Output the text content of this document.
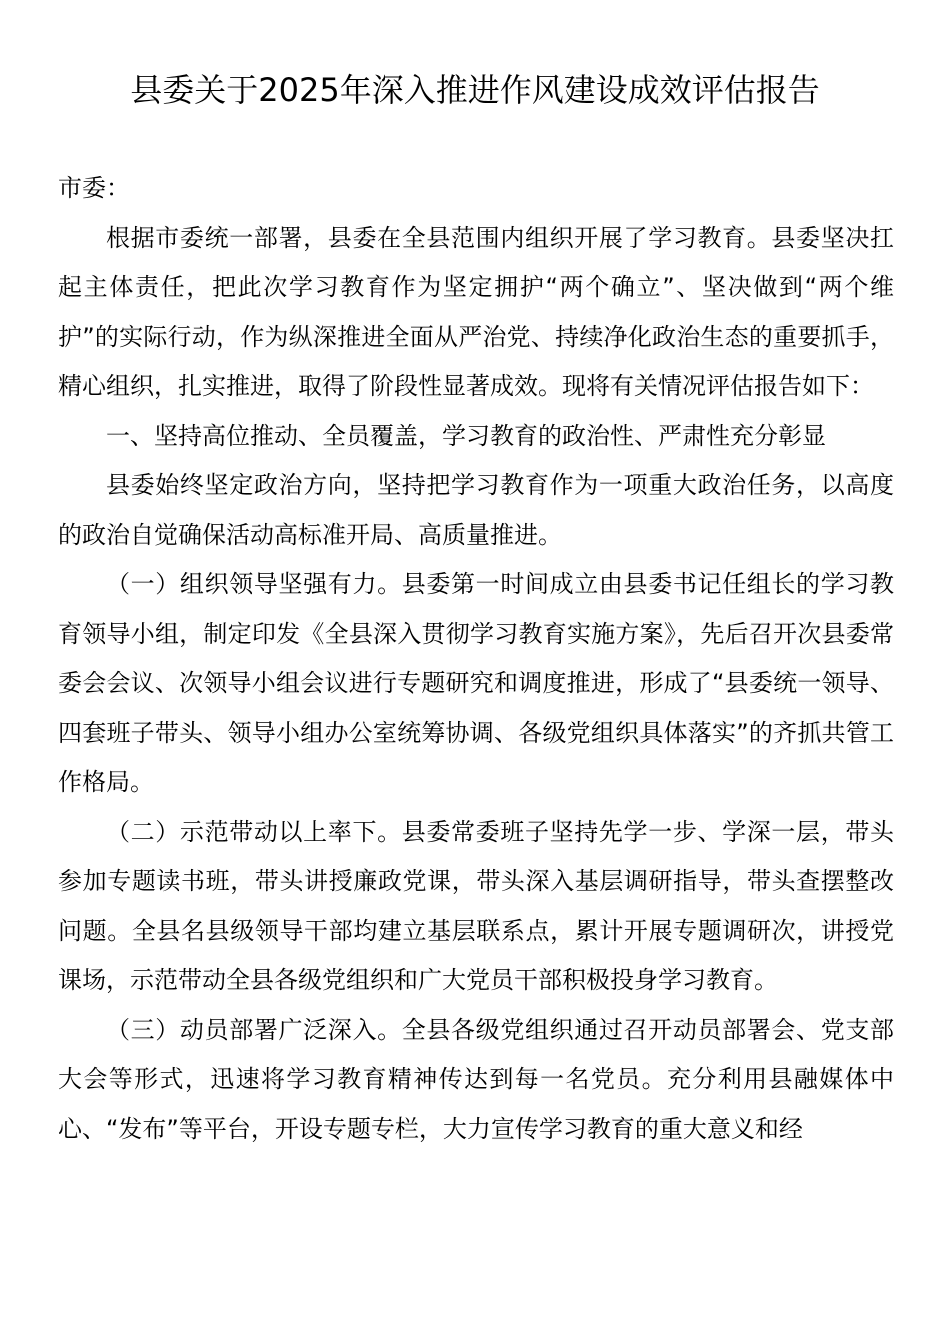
县委关于2025年深入推进作风建设成效评估报告

市委：

根据市委统一部署，县委在全县范围内组织开展了学习教育。县委坚决扛起主体责任，把此次学习教育作为坚定拥护“两个确立”、坚决做到“两个维护”的实际行动，作为纵深推进全面从严治党、持续净化政治生态的重要抓手，精心组织，扎实推进，取得了阶段性显著成效。现将有关情况评估报告如下：

一、坚持高位推动、全员覆盖，学习教育的政治性、严肃性充分彰显

县委始终坚定政治方向，坚持把学习教育作为一项重大政治任务，以高度的政治自觉确保活动高标准开局、高质量推进。

（一）组织领导坚强有力。县委第一时间成立由县委书记任组长的学习教育领导小组，制定印发《全县深入贯彻学习教育实施方案》，先后召开次县委常委会会议、次领导小组会议进行专题研究和调度推进，形成了“县委统一领导、四套班子带头、领导小组办公室统筹协调、各级党组织具体落实”的齐抓共管工作格局。

（二）示范带动以上率下。县委常委班子坚持先学一步、学深一层，带头参加专题读书班，带头讲授廉政党课，带头深入基层调研指导，带头查摆整改问题。全县名县级领导干部均建立基层联系点，累计开展专题调研次，讲授党课场，示范带动全县各级党组织和广大党员干部积极投身学习教育。

（三）动员部署广泛深入。全县各级党组织通过召开动员部署会、党支部大会等形式，迅速将学习教育精神传达到每一名党员。充分利用县融媒体中心、“发布”等平台，开设专题专栏，大力宣传学习教育的重大意义和经
